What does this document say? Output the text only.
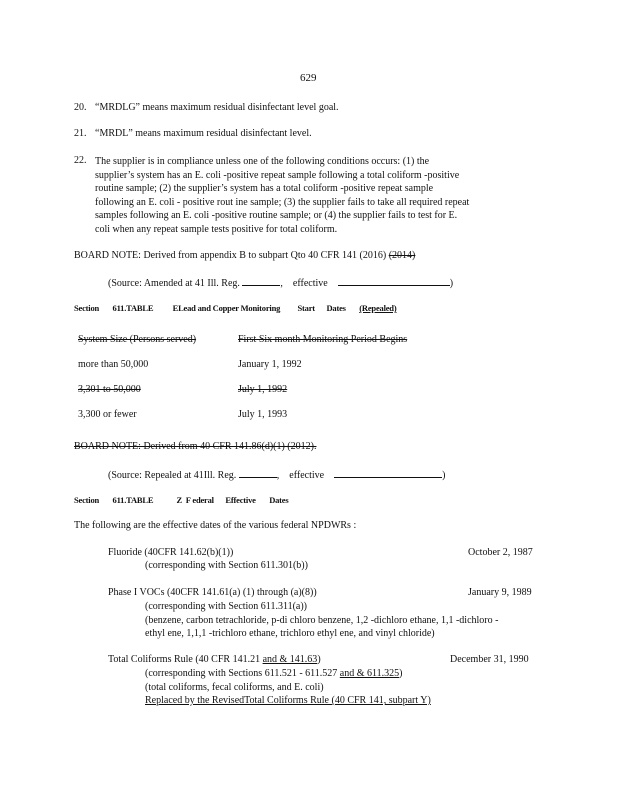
629
20. “MRDLG” means maximum residual disinfectant level goal.
21. “MRDL” means maximum residual disinfectant level.
22. The supplier is in compliance unless one of the following conditions occurs: (1) the
supplier’s system has an E. coli -positive repeat sample following a total coliform -positive
routine sample; (2) the supplier’s system has a total coliform -positive repeat sample
following an E. coli - positive rout ine sample; (3) the supplier fails to take all required repeat
samples following an E. coli -positive routine sample; or (4) the supplier fails to test for E.
coli when any repeat sample tests positive for total coliform.
BOARD NOTE: Derived from appendix B to subpart Qto 40 CFR 141 (2016) (2014)
(Source: Amended at 41 Ill. Reg.	, effective	)
Section 611.TABLE ELead and Copper Monitoring Start Dates (Repealed)
System Size (Persons served)	First Six month Monitoring Period Begins
more than 50,000	January 1, 1992
3,301 to 50,000	July 1, 1992
3,300 or fewer	July 1, 1993
BOARD NOTE: Derived from 40 CFR 141.86(d)(1) (2012).
(Source: Repealed at 41Ill. Reg.	, effective	)
Section 611.TABLE	Z F ederal Effective Dates
The following are the effective dates of the various federal NPDWRs :
Fluoride (40CFR 141.62(b)(1))	October 2, 1987
(corresponding with Section 611.301(b))
Phase I VOCs (40CFR 141.61(a) (1) through (a)(8))	January 9, 1989
(corresponding with Section 611.311(a))
(benzene, carbon tetrachloride, p-di chloro benzene, 1,2 -dichloro ethane, 1,1 -dichloro -
ethyl ene, 1,1,1 -trichloro ethane, trichloro ethyl ene, and vinyl chloride)
Total Coliforms Rule (40 CFR 141.21 and & 141.63)	December 31, 1990
(corresponding with Sections 611.521 - 611.527 and & 611.325)
(total coliforms, fecal coliforms, and E. coli)
Replaced by the RevisedTotal Coliforms Rule (40 CFR 141, subpart Y)
